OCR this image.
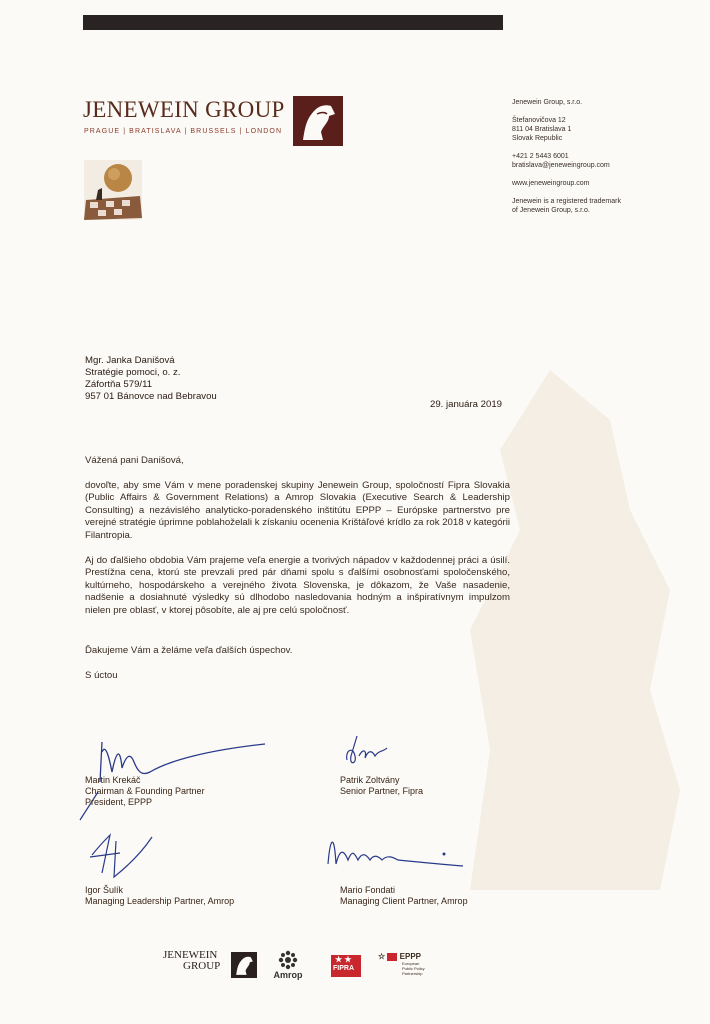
JENEWEIN GROUP
PRAGUE | BRATISLAVA | BRUSSELS | LONDON
Jenewein Group, s.r.o.
Štefanovičova 12
811 04 Bratislava 1
Slovak Republic
+421 2 5443 6001
bratislava@jeneweingroup.com
www.jeneweingroup.com
Jenewein is a registered trademark
of Jenewein Group, s.r.o.
Mgr. Janka Danišová
Stratégie pomoci, o. z.
Záfortňa 579/11
957 01 Bánovce nad Bebravou
29. januára 2019
Vážená pani Danišová,
dovoľte, aby sme Vám v mene poradenskej skupiny Jenewein Group, spoločností Fipra Slovakia (Public Affairs & Government Relations) a Amrop Slovakia (Executive Search & Leadership Consulting) a nezávislého analyticko-poradenského inštitútu EPPP – Európske partnerstvo pre verejné stratégie úprimne poblahoželali k získaniu ocenenia Krištáľové krídlo za rok 2018 v kategórii Filantropia.
Aj do ďalšieho obdobia Vám prajeme veľa energie a tvorivých nápadov v každodennej práci a úsilí. Prestížna cena, ktorú ste prevzali pred pár dňami spolu s ďalšími osobnosťami spoločenského, kultúrneho, hospodárskeho a verejného života Slovenska, je dôkazom, že Vaše nasadenie, nadšenie a dosiahnuté výsledky sú dlhodobo nasledovania hodným a inšpiratívnym impulzom nielen pre oblasť, v ktorej pôsobíte, ale aj pre celú spoločnosť.
Ďakujeme Vám a želáme veľa ďalších úspechov.
S úctou
Martin Krekáč
Chairman & Founding Partner
President, EPPP
Patrik Zoltvány
Senior Partner, Fipra
Igor Šulík
Managing Leadership Partner, Amrop
Mario Fondati
Managing Client Partner, Amrop
JENEWEIN
GROUP
Amrop
★ ★
FIPRA
☆ EPPP
European
Public Policy
Partnership
